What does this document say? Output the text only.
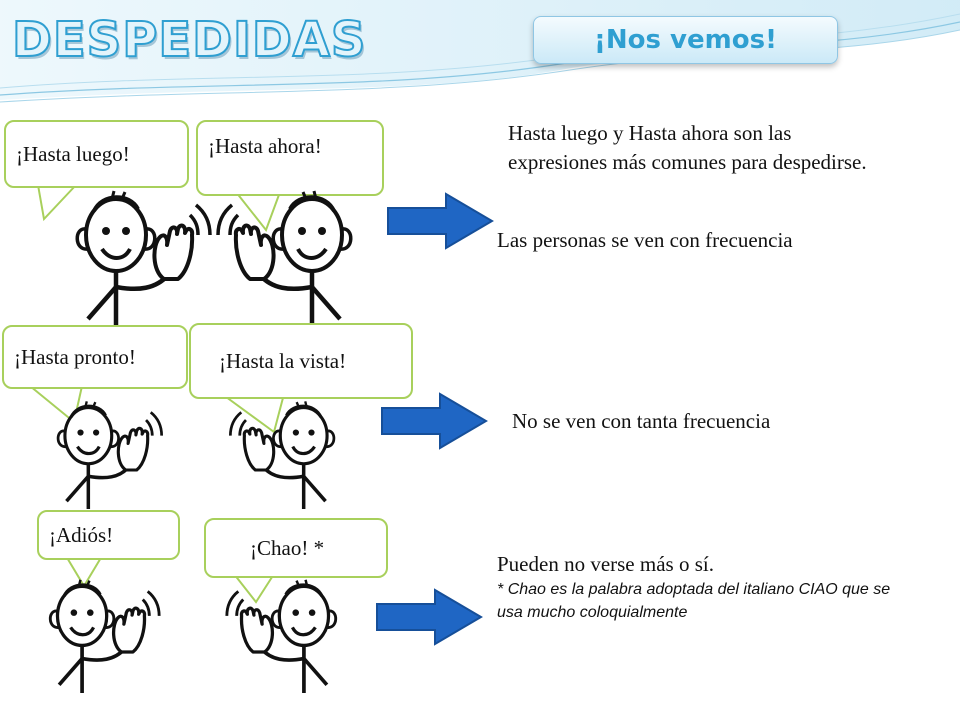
DESPEDIDAS	¡Nos vemos!
¡Hasta luego!	¡Hasta ahora!
Hasta luego y Hasta ahora son las expresiones más comunes para despedirse.
Las personas se ven con frecuencia
¡Hasta pronto!	¡Hasta la vista!
No se ven con tanta frecuencia
¡Adiós!
¡Chao! *
Pueden no verse más o sí.
* Chao es la palabra adoptada del italiano CIAO que se usa mucho coloquialmente
